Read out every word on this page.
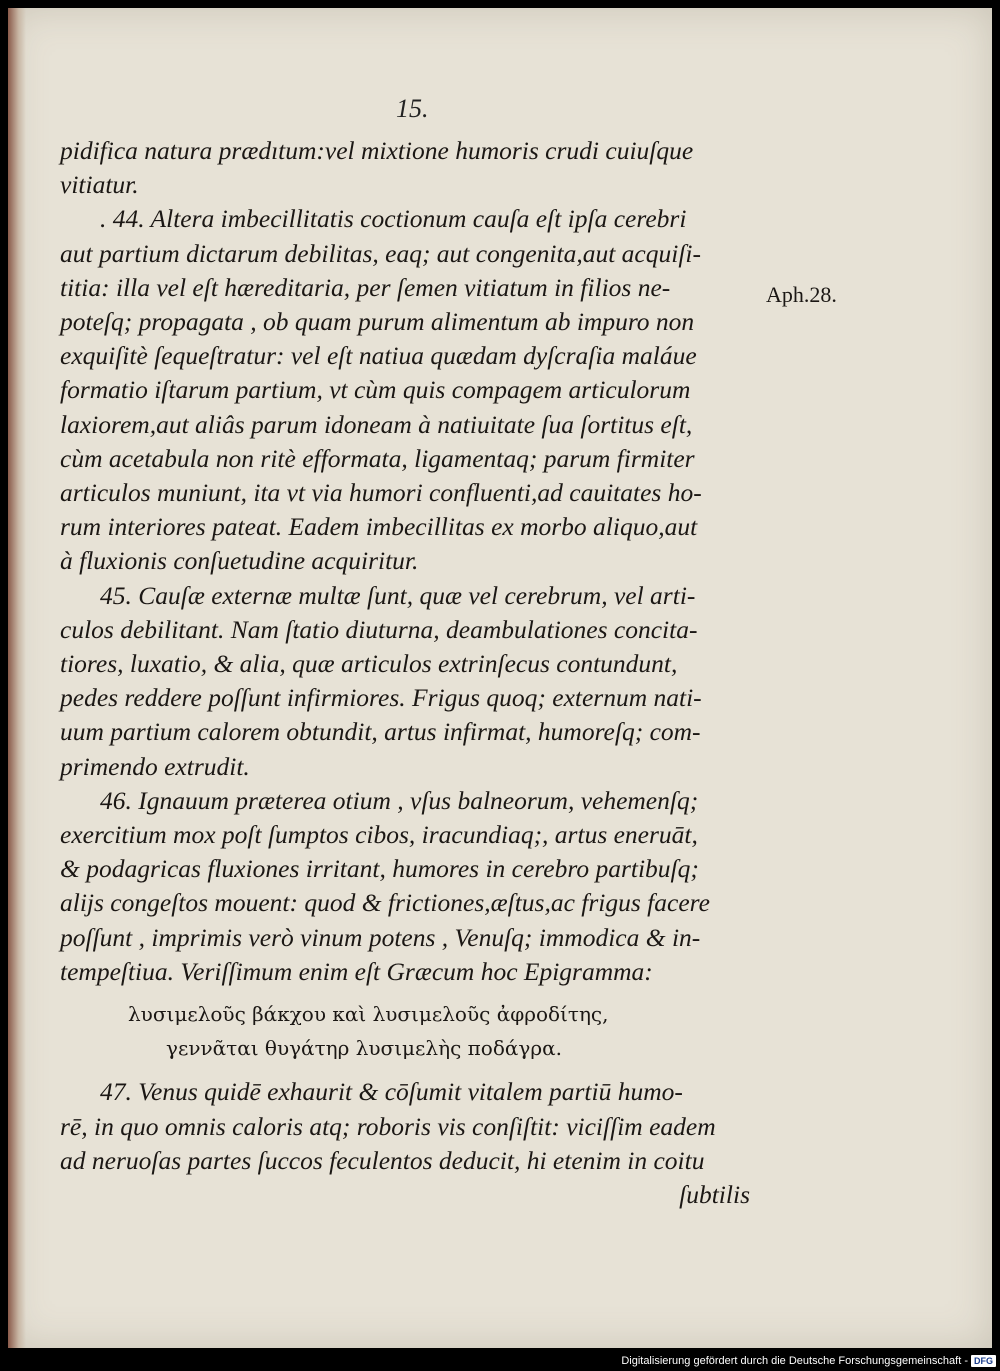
15.
Aph.28.
pidifica natura prædıtum:vel mixtione humoris crudi cuiuſque
vitiatur.
. 44. Altera imbecillitatis coctionum cauſa eſt ipſa cerebri
aut partium dictarum debilitas, eaq; aut congenita,aut acquiſi-
titia: illa vel eſt hæreditaria, per ſemen vitiatum in filios ne-
poteſq; propagata , ob quam purum alimentum ab impuro non
exquiſitè ſequeſtratur: vel eſt natiua quædam dyſcraſia maláue
formatio iſtarum partium, vt cùm quis compagem articulorum
laxiorem,aut aliâs parum idoneam à natiuitate ſua ſortitus eſt,
cùm acetabula non ritè efformata, ligamentaq; parum firmiter
articulos muniunt, ita vt via humori confluenti,ad cauitates ho-
rum interiores pateat. Eadem imbecillitas ex morbo aliquo,aut
à fluxionis conſuetudine acquiritur.
45. Cauſæ externæ multæ ſunt, quæ vel cerebrum, vel arti-
culos debilitant. Nam ſtatio diuturna, deambulationes concita-
tiores, luxatio, & alia, quæ articulos extrinſecus contundunt,
pedes reddere poſſunt infirmiores. Frigus quoq; externum nati-
uum partium calorem obtundit, artus infirmat, humoreſq; com-
primendo extrudit.
46. Ignauum præterea otium , vſus balneorum, vehemenſq;
exercitium mox poſt ſumptos cibos, iracundiaq;, artus eneruāt,
& podagricas fluxiones irritant, humores in cerebro partibuſq;
alijs congeſtos mouent: quod & frictiones,æſtus,ac frigus facere
poſſunt , imprimis verò vinum potens , Venuſq; immodica & in-
tempeſtiua. Veriſſimum enim eſt Græcum hoc Epigramma:
λυσιμελοῦς βάκχου καὶ λυσιμελοῦς ἀφροδίτης,
γεννᾶται θυγάτηρ λυσιμελὴς ποδάγρα.
47. Venus quidē exhaurit & cōſumit vitalem partiū humo-
rē, in quo omnis caloris atq; roboris vis conſiſtit: viciſſim eadem
ad neruoſas partes ſuccos feculentos deducit, hi etenim in coitu
ſubtilis
Digitalisierung gefördert durch die Deutsche Forschungsgemeinschaft - DFG
